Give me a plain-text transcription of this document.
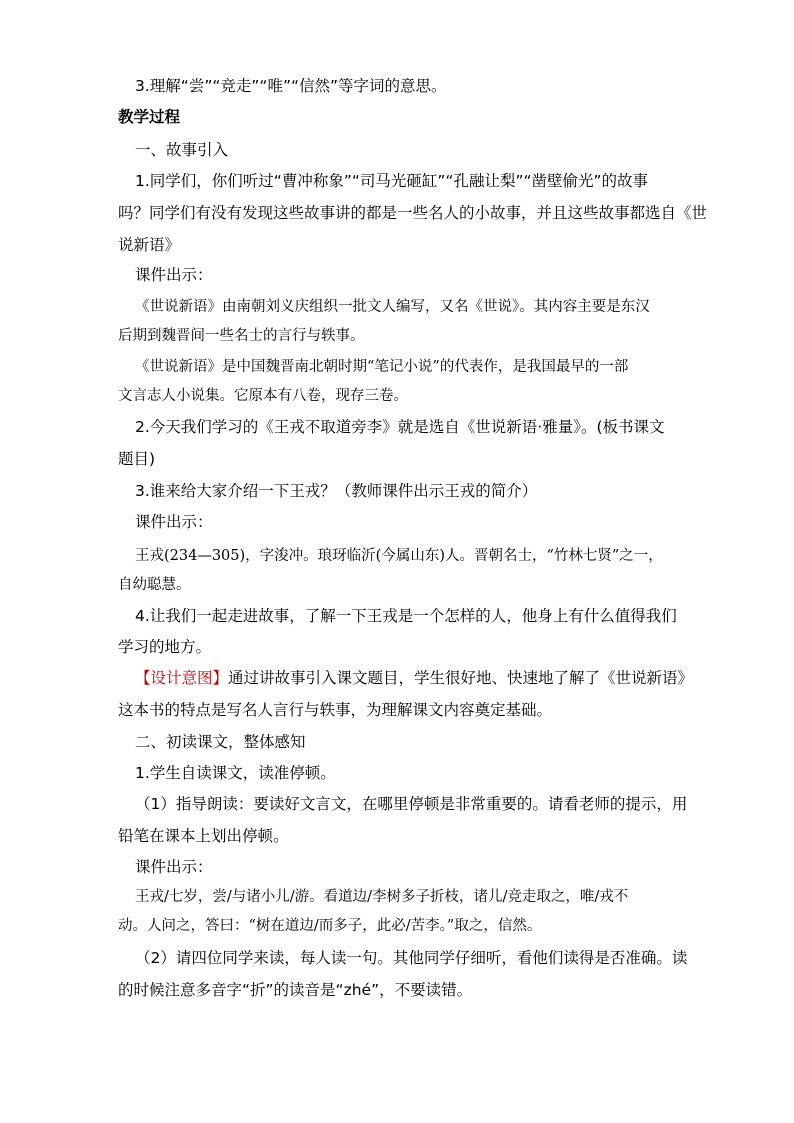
3.理解“尝”“竞走”“唯”“信然”等字词的意思。
教学过程
一、故事引入
1.同学们，你们听过“曹冲称象”“司马光砸缸”“孔融让梨”“凿壁偷光”的故事
吗？同学们有没有发现这些故事讲的都是一些名人的小故事，并且这些故事都选自《世
说新语》
课件出示：
《世说新语》由南朝刘义庆组织一批文人编写，又名《世说》。其内容主要是东汉
后期到魏晋间一些名士的言行与轶事。
《世说新语》是中国魏晋南北朝时期“笔记小说”的代表作，是我国最早的一部
文言志人小说集。它原本有八卷，现存三卷。
2.今天我们学习的《王戎不取道旁李》就是选自《世说新语·雅量》。(板书课文
题目)
3.谁来给大家介绍一下王戎？（教师课件出示王戎的简介）
课件出示：
王戎(234—305)，字浚冲。琅玡临沂(今属山东)人。晋朝名士，“竹林七贤”之一，
自幼聪慧。
4.让我们一起走进故事，了解一下王戎是一个怎样的人，他身上有什么值得我们
学习的地方。
【设计意图】通过讲故事引入课文题目，学生很好地、快速地了解了《世说新语》
这本书的特点是写名人言行与轶事，为理解课文内容奠定基础。
二、初读课文，整体感知
1.学生自读课文，读准停顿。
（1）指导朗读：要读好文言文，在哪里停顿是非常重要的。请看老师的提示，用
铅笔在课本上划出停顿。
课件出示：
王戎/七岁，尝/与诸小儿/游。看道边/李树多子折枝，诸儿/竞走取之，唯/戎不
动。人问之，答曰：“树在道边/而多子，此必/苦李。”取之，信然。
（2）请四位同学来读，每人读一句。其他同学仔细听，看他们读得是否准确。读
的时候注意多音字“折”的读音是“zhé”，不要读错。
